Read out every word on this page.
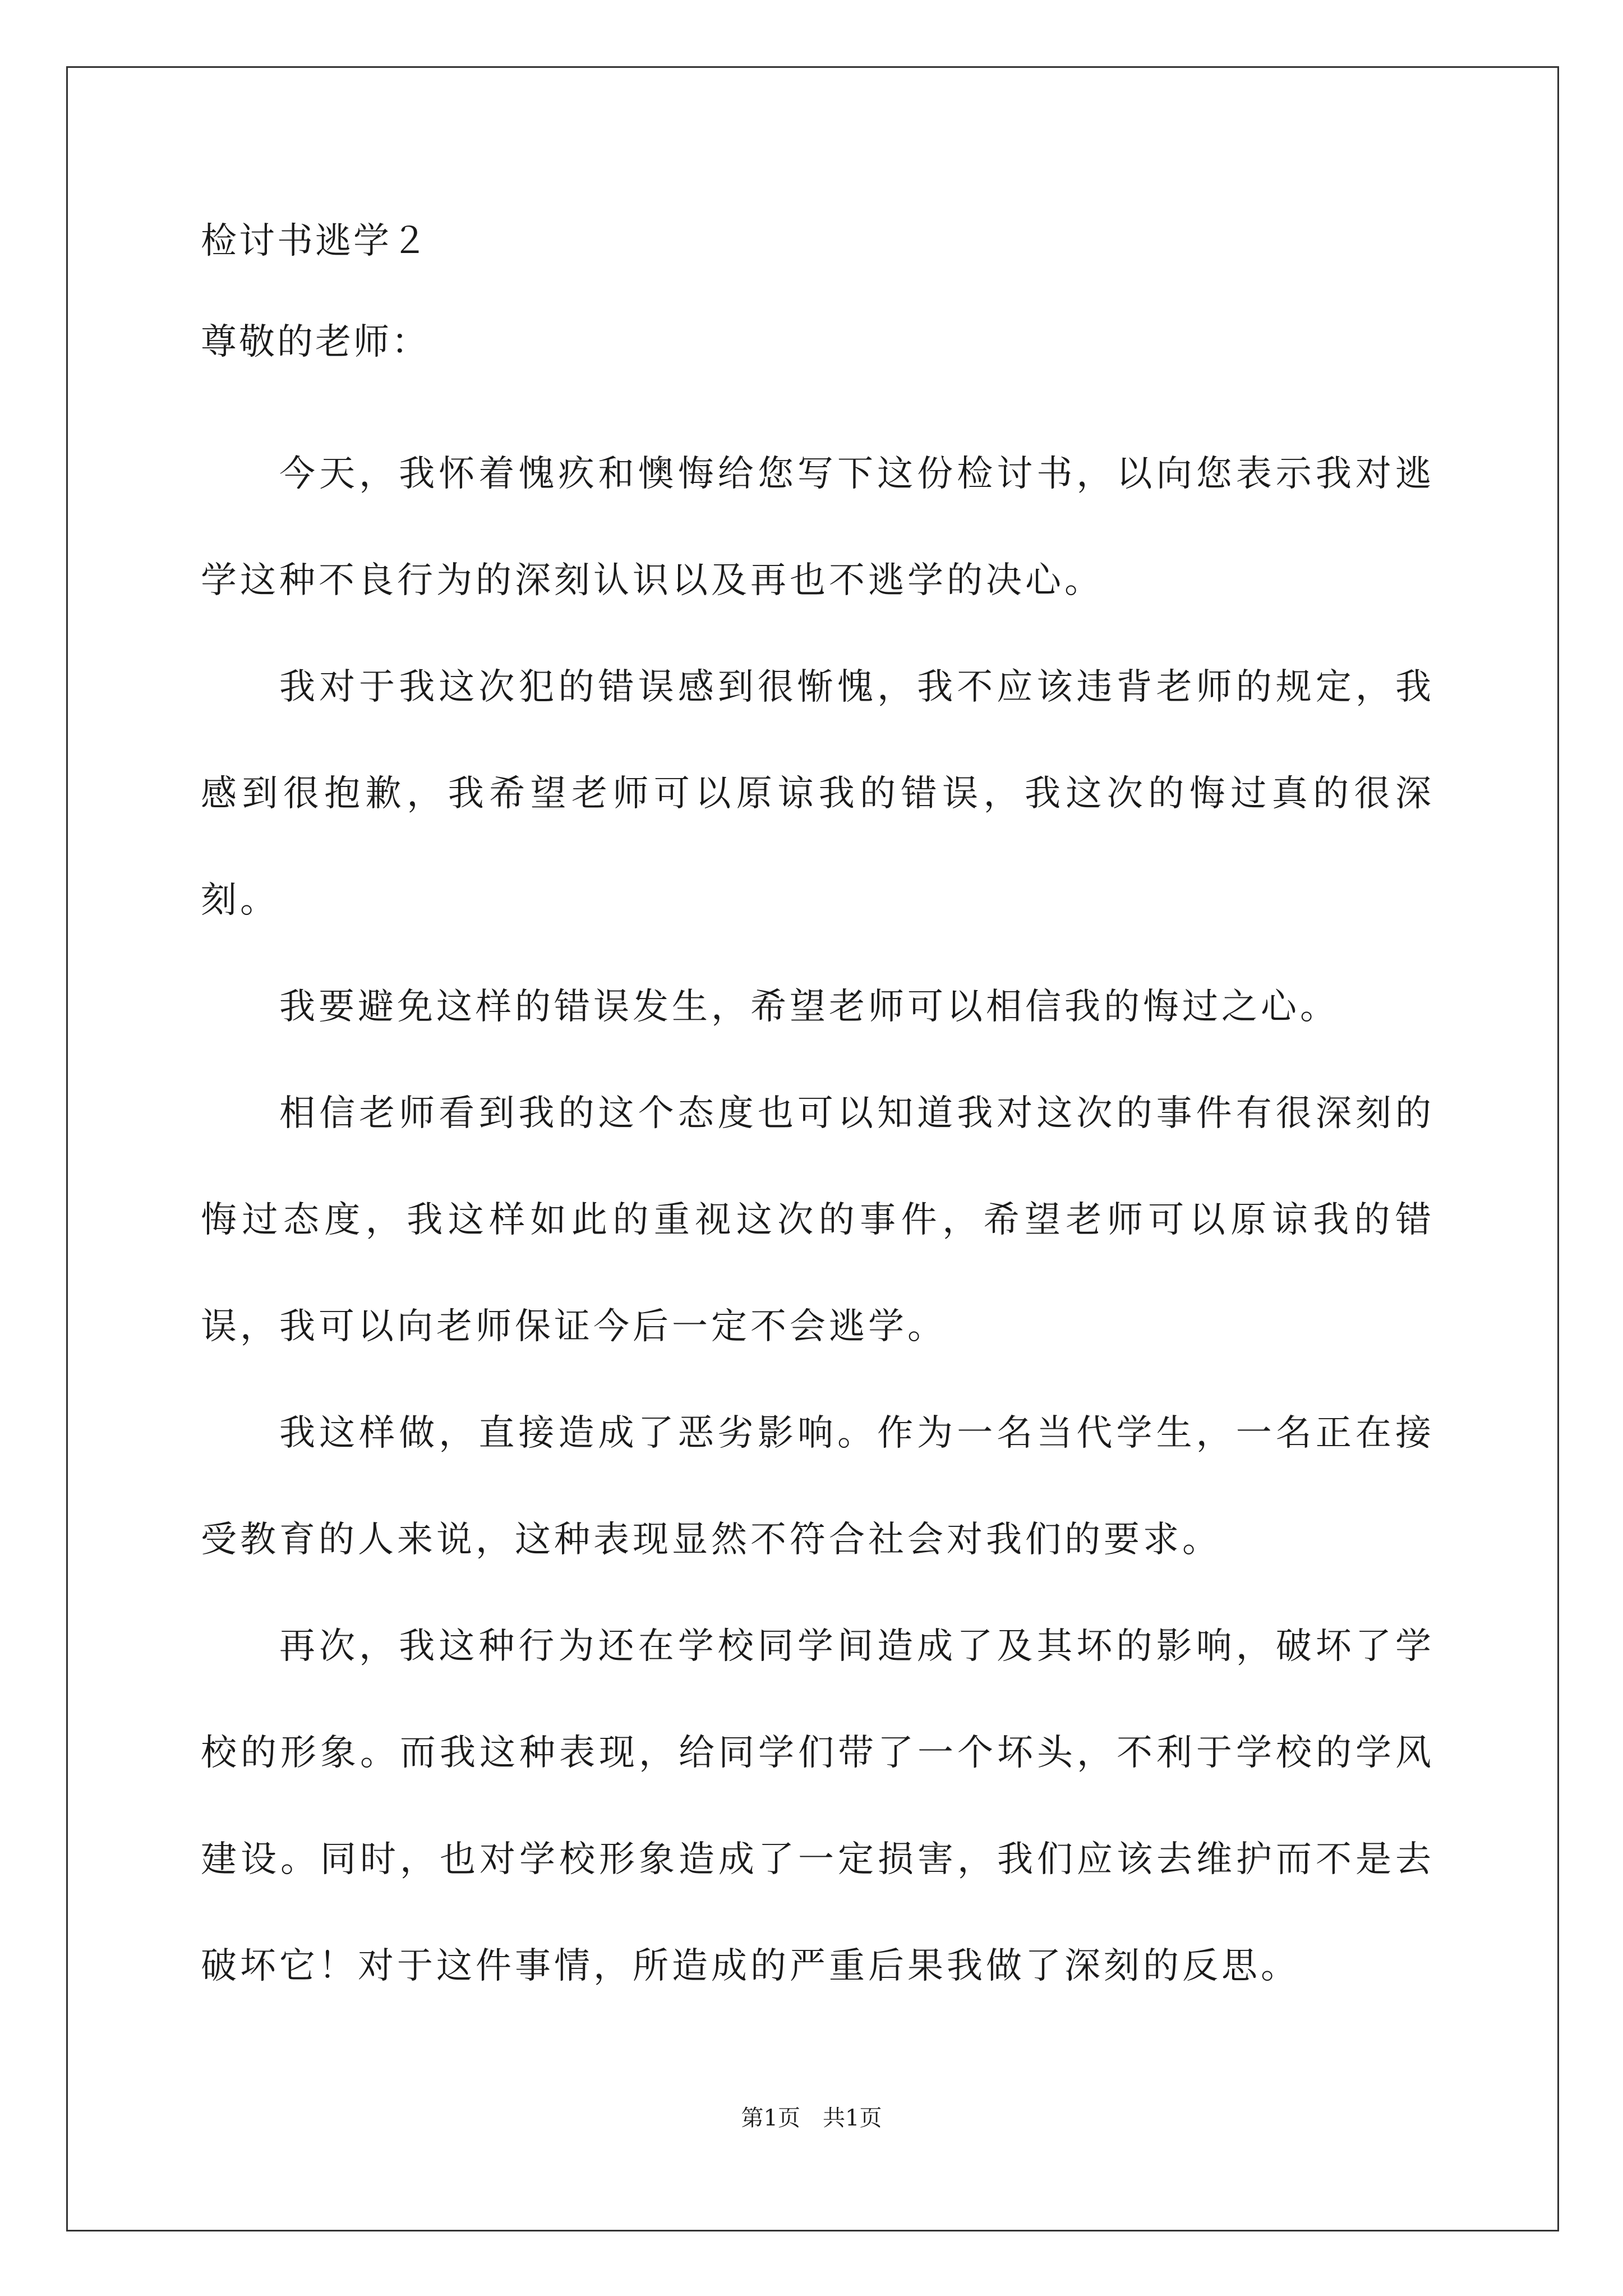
检讨书逃学２
尊敬的老师：

今天，我怀着愧疚和懊悔给您写下这份检讨书，以向您表示我对逃学这种不良行为的深刻认识以及再也不逃学的决心。

我对于我这次犯的错误感到很惭愧，我不应该违背老师的规定，我感到很抱歉，我希望老师可以原谅我的错误，我这次的悔过真的很深刻。

我要避免这样的错误发生，希望老师可以相信我的悔过之心。

相信老师看到我的这个态度也可以知道我对这次的事件有很深刻的悔过态度，我这样如此的重视这次的事件，希望老师可以原谅我的错误，我可以向老师保证今后一定不会逃学。

我这样做，直接造成了恶劣影响。作为一名当代学生，一名正在接受教育的人来说，这种表现显然不符合社会对我们的要求。

再次，我这种行为还在学校同学间造成了及其坏的影响，破坏了学校的形象。而我这种表现，给同学们带了一个坏头，不利于学校的学风建设。同时，也对学校形象造成了一定损害，我们应该去维护而不是去破坏它！对于这件事情，所造成的严重后果我做了深刻的反思。

第1页　共1页
